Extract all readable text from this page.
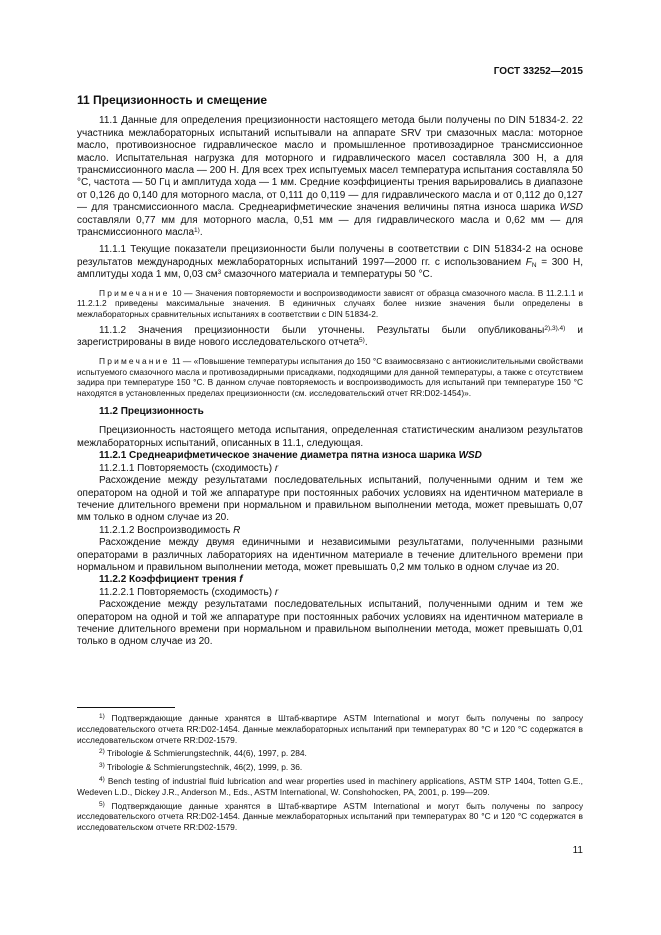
ГОСТ 33252—2015
11 Прецизионность и смещение

11.1 Данные для определения прецизионности настоящего метода были получены по DIN 51834-2. 22 участника межлабораторных испытаний испытывали на аппарате SRV три смазочных масла: моторное масло, противоизносное гидравлическое масло и промышленное противозадирное трансмиссионное масло. Испытательная нагрузка для моторного и гидравлического масел составляла 300 Н, а для трансмиссионного масла — 200 Н. Для всех трех испытуемых масел температура испытания составляла 50 °С, частота — 50 Гц и амплитуда хода — 1 мм. Средние коэффициенты трения варьировались в диапазоне от 0,126 до 0,140 для моторного масла, от 0,111 до 0,119 — для гидравлического масла и от 0,112 до 0,127 — для трансмиссионного масла. Среднеарифметические значения величины пятна износа шарика WSD составляли 0,77 мм для моторного масла, 0,51 мм — для гидравлического масла и 0,62 мм — для трансмиссионного масла$^{1)}$.

11.1.1 Текущие показатели прецизионности были получены в соответствии с DIN 51834-2 на основе результатов международных межлабораторных испытаний 1997—2000 гг. с использованием $F_N = 300$ Н, амплитуды хода 1 мм, 0,03 $см^3$ смазочного материала и температуры 50 °С.

Примечание 10 — Значения повторяемости и воспроизводимости зависят от образца смазочного масла. В 11.2.1.1 и 11.2.1.2 приведены максимальные значения. В единичных случаях более низкие значения были определены в межлабораторных сравнительных испытаниях в соответствии с DIN 51834-2.

11.1.2 Значения прецизионности были уточнены. Результаты были опубликованы$^{2),3),4)}$ и зарегистрированы в виде нового исследовательского отчета$^{5)}$.

Примечание 11 — «Повышение температуры испытания до 150 °С взаимосвязано с антиокислительными свойствами испытуемого смазочного масла и противозадирными присадками, подходящими для данной температуры, а также с отсутствием задира при температуре 150 °С. В данном случае повторяемость и воспроизводимость для испытаний при температуре 150 °С находятся в установленных пределах прецизионности (см. исследовательский отчет RR:D02-1454)».

11.2 Прецизионность

Прецизионность настоящего метода испытания, определенная статистическим анализом результатов межлабораторных испытаний, описанных в 11.1, следующая.

11.2.1 Среднеарифметическое значение диаметра пятна износа шарика WSD

11.2.1.1 Повторяемость (сходимость) r

Расхождение между результатами последовательных испытаний, полученными одним и тем же оператором на одной и той же аппаратуре при постоянных рабочих условиях на идентичном материале в течение длительного времени при нормальном и правильном выполнении метода, может превышать 0,07 мм только в одном случае из 20.

11.2.1.2 Воспроизводимость R

Расхождение между двумя единичными и независимыми результатами, полученными разными операторами в различных лабораториях на идентичном материале в течение длительного времени при нормальном и правильном выполнении метода, может превышать 0,2 мм только в одном случае из 20.

11.2.2 Коэффициент трения f

11.2.2.1 Повторяемость (сходимость) r

Расхождение между результатами последовательных испытаний, полученными одним и тем же оператором на одной и той же аппаратуре при постоянных рабочих условиях на идентичном материале в течение длительного времени при нормальном и правильном выполнении метода, может превышать 0,01 только в одном случае из 20.

$^{1)}$ Подтверждающие данные хранятся в Штаб-квартире ASTM International и могут быть получены по запросу исследовательского отчета RR:D02-1454. Данные межлабораторных испытаний при температурах 80 °С и 120 °С содержатся в исследовательском отчете RR:D02-1579.

$^{2)}$ Tribologie & Schmierungstechnik, 44(6), 1997, p. 284.

$^{3)}$ Tribologie & Schmierungstechnik, 46(2), 1999, p. 36.

$^{4)}$ Bench testing of industrial fluid lubrication and wear properties used in machinery applications, ASTM STP 1404, Totten G.E., Wedeven L.D., Dickey J.R., Anderson M., Eds., ASTM International, W. Conshohocken, PA, 2001, p. 199—209.

$^{5)}$ Подтверждающие данные хранятся в Штаб-квартире ASTM International и могут быть получены по запросу исследовательского отчета RR:D02-1454. Данные межлабораторных испытаний при температурах 80 °С и 120 °С содержатся в исследовательском отчете RR:D02-1579.

11
